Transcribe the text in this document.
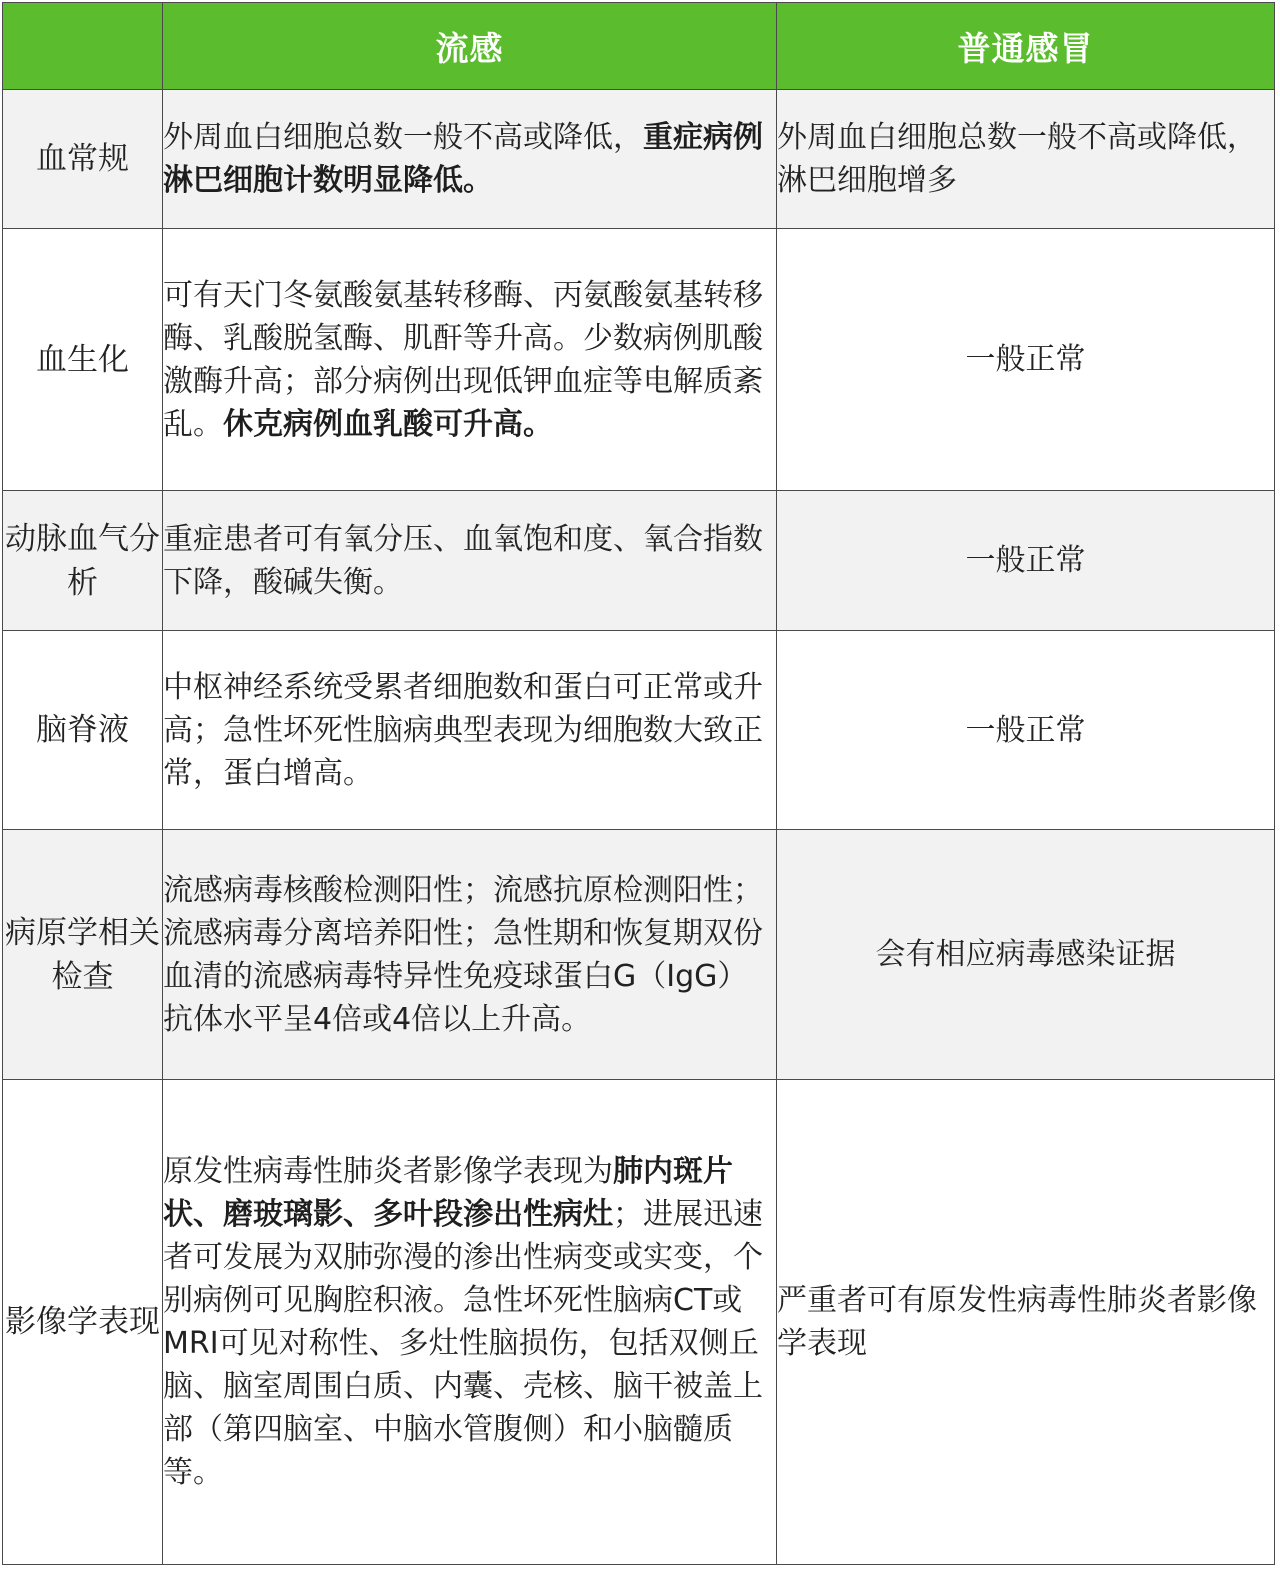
	流感	普通感冒
血常规	外周血白细胞总数一般不高或降低，重症病例淋巴细胞计数明显降低。	外周血白细胞总数一般不高或降低，淋巴细胞增多
血生化	可有天门冬氨酸氨基转移酶、丙氨酸氨基转移酶、乳酸脱氢酶、肌酐等升高。少数病例肌酸激酶升高；部分病例出现低钾血症等电解质紊乱。休克病例血乳酸可升高。	一般正常
动脉血气分析	重症患者可有氧分压、血氧饱和度、氧合指数下降，酸碱失衡。	一般正常
脑脊液	中枢神经系统受累者细胞数和蛋白可正常或升高；急性坏死性脑病典型表现为细胞数大致正常，蛋白增高。	一般正常
病原学相关检查	流感病毒核酸检测阳性；流感抗原检测阳性；流感病毒分离培养阳性；急性期和恢复期双份血清的流感病毒特异性免疫球蛋白G（IgG）抗体水平呈4倍或4倍以上升高。	会有相应病毒感染证据
影像学表现	原发性病毒性肺炎者影像学表现为肺内斑片状、磨玻璃影、多叶段渗出性病灶；进展迅速者可发展为双肺弥漫的渗出性病变或实变，个别病例可见胸腔积液。急性坏死性脑病CT或MRI可见对称性、多灶性脑损伤，包括双侧丘脑、脑室周围白质、内囊、壳核、脑干被盖上部（第四脑室、中脑水管腹侧）和小脑髓质等。	严重者可有原发性病毒性肺炎者影像学表现
